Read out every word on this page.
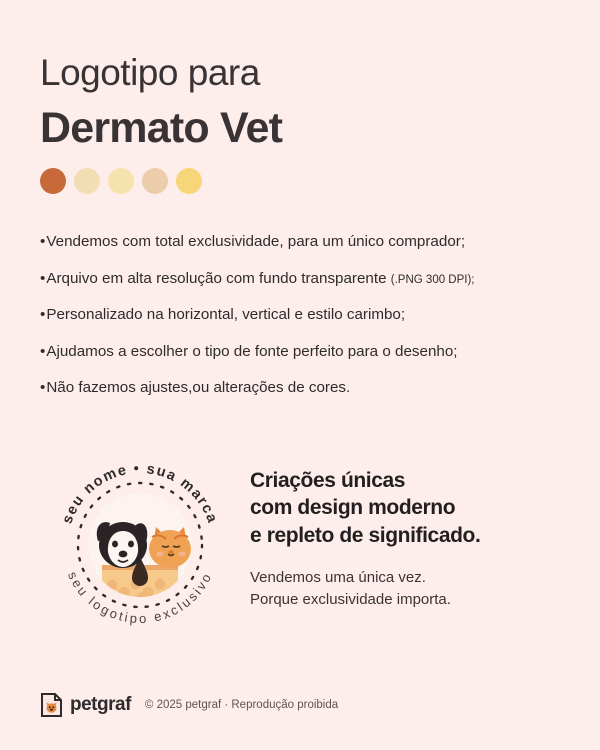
Logotipo para
Dermato Vet
•Vendemos com total exclusividade, para um único comprador;
•Arquivo em alta resolução com fundo transparente (.PNG 300 DPI);
•Personalizado na horizontal, vertical e estilo carimbo;
•Ajudamos a escolher o tipo de fonte perfeito para o desenho;
•Não fazemos ajustes,ou alterações de cores.
seu nome • sua marca
seu logotipo exclusivo
Criações únicas
com design moderno
e repleto de significado.
Vendemos uma única vez.
Porque exclusividade importa.
petgraf © 2025 petgraf · Reprodução proibida
